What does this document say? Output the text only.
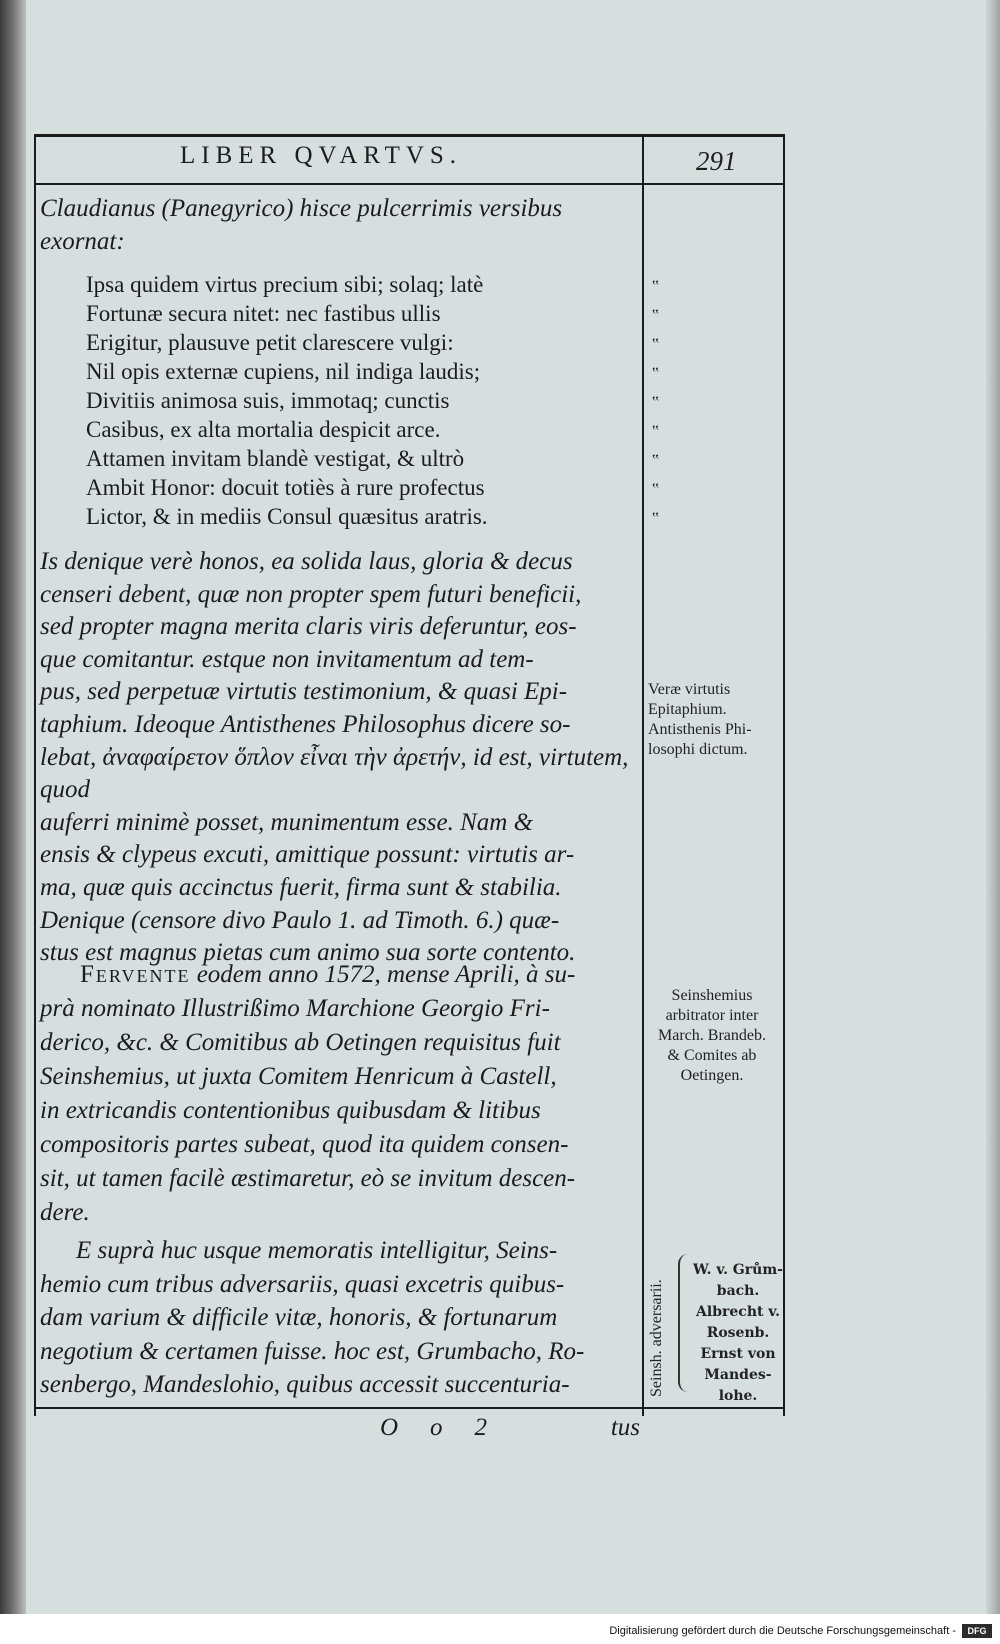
LIBER QVARTVS.	291
Claudianus (Panegyrico) hisce pulcerrimis versibus exornat:
Ipsa quidem virtus precium sibi; solaq; latè
Fortunæ secura nitet: nec fastibus ullis
Erigitur, plausuve petit clarescere vulgi:
Nil opis externæ cupiens, nil indiga laudis;
Divitiis animosa suis, immotaq; cunctis
Casibus, ex alta mortalia despicit arce.
Attamen invitam blandè vestigat, & ultrò
Ambit Honor: docuit totiès à rure profectus
Lictor, & in mediis Consul quæsitus aratris.
‟
‟
‟
‟
‟
‟
‟
‟
‟
Is denique verè honos, ea solida laus, gloria & decus
censeri debent, quæ non propter spem futuri beneficii,
sed propter magna merita claris viris deferuntur, eos-
que comitantur. estque non invitamentum ad tem-
pus, sed perpetuæ virtutis testimonium, & quasi Epi-
taphium. Ideoque Antisthenes Philosophus dicere so-
lebat, ἀναφαίρετον ὅπλον εἶναι τὴν ἀρετήν, id est, virtutem, quod
auferri minimè posset, munimentum esse. Nam &
ensis & clypeus excuti, amittique possunt: virtutis ar-
ma, quæ quis accinctus fuerit, firma sunt & stabilia.
Denique (censore divo Paulo 1. ad Timoth. 6.) quæ-
stus est magnus pietas cum animo sua sorte contento.
Fervente eodem anno 1572, mense Aprili, à su-
prà nominato Illustrißimo Marchione Georgio Fri-
derico, &c. & Comitibus ab Oetingen requisitus fuit
Seinshemius, ut juxta Comitem Henricum à Castell,
in extricandis contentionibus quibusdam & litibus
compositoris partes subeat, quod ita quidem consen-
sit, ut tamen facilè æstimaretur, eò se invitum descen-
dere.
E suprà huc usque memoratis intelligitur, Seins-
hemio cum tribus adversariis, quasi excetris quibus-
dam varium & difficile vitæ, honoris, & fortunarum
negotium & certamen fuisse. hoc est, Grumbacho, Ro-
senbergo, Mandeslohio, quibus accessit succenturia-
Veræ virtutis
Epitaphium.
Antisthenis Phi-
losophi dictum.
Seinshemius
arbitrator inter
March. Brandeb.
& Comites ab
Oetingen.
Seinsh. adversarii.
W. v. Grům-
bach.
Albrecht v.
Rosenb.
Ernst von
Mandes-
lohe.
O o 2	tus
Digitalisierung gefördert durch die Deutsche Forschungsgemeinschaft -	DFG
